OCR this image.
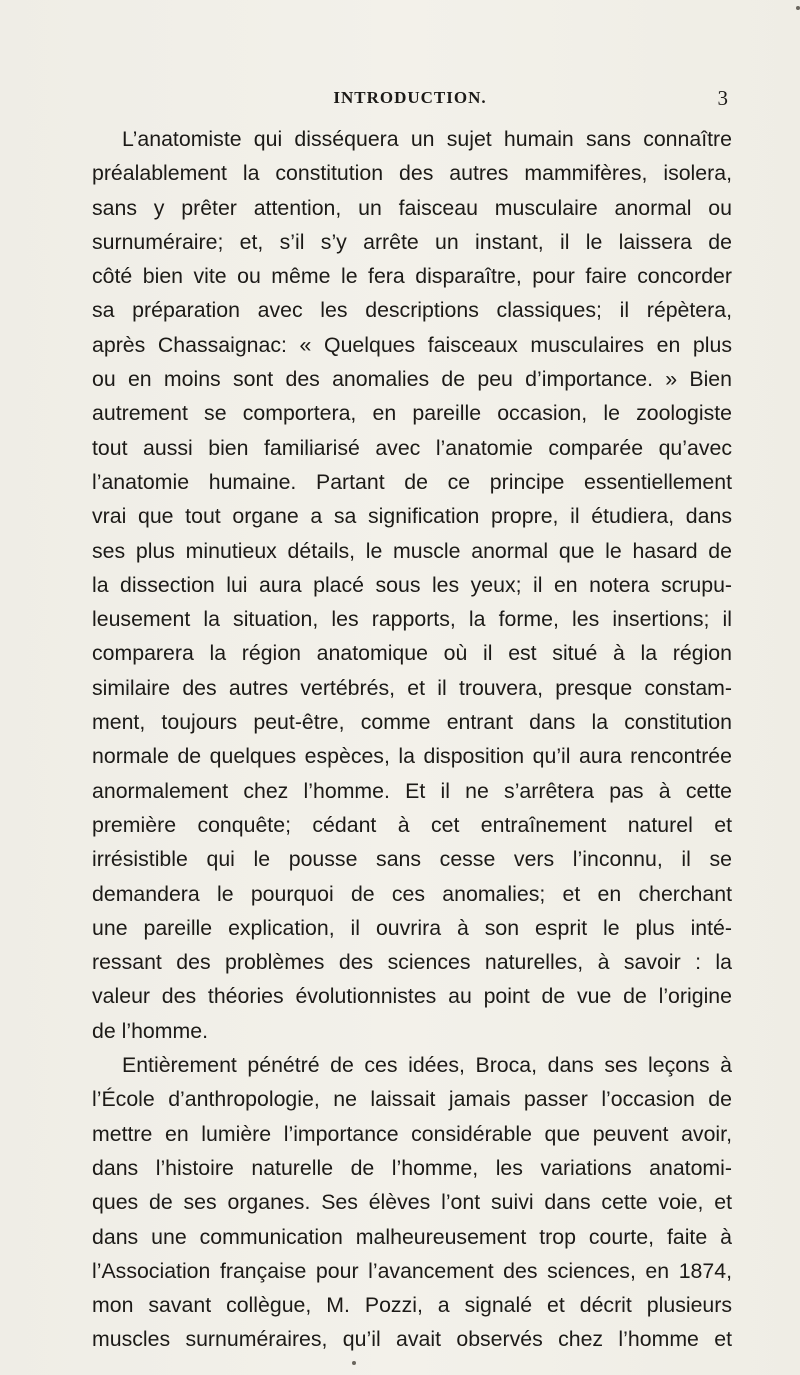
INTRODUCTION.	3
L’anatomiste qui disséquera un sujet humain sans connaître
préalablement la constitution des autres mammifères, isolera,
sans y prêter attention, un faisceau musculaire anormal ou
surnuméraire; et, s’il s’y arrête un instant, il le laissera de
côté bien vite ou même le fera disparaître, pour faire concorder
sa préparation avec les descriptions classiques; il répètera,
après Chassaignac: « Quelques faisceaux musculaires en plus
ou en moins sont des anomalies de peu d’importance. » Bien
autrement se comportera, en pareille occasion, le zoologiste
tout aussi bien familiarisé avec l’anatomie comparée qu’avec
l’anatomie humaine. Partant de ce principe essentiellement
vrai que tout organe a sa signification propre, il étudiera, dans
ses plus minutieux détails, le muscle anormal que le hasard de
la dissection lui aura placé sous les yeux; il en notera scrupu-
leusement la situation, les rapports, la forme, les insertions; il
comparera la région anatomique où il est situé à la région
similaire des autres vertébrés, et il trouvera, presque constam-
ment, toujours peut-être, comme entrant dans la constitution
normale de quelques espèces, la disposition qu’il aura rencontrée
anormalement chez l’homme. Et il ne s’arrêtera pas à cette
première conquête; cédant à cet entraînement naturel et
irrésistible qui le pousse sans cesse vers l’inconnu, il se
demandera le pourquoi de ces anomalies; et en cherchant
une pareille explication, il ouvrira à son esprit le plus inté-
ressant des problèmes des sciences naturelles, à savoir : la
valeur des théories évolutionnistes au point de vue de l’origine
de l’homme.
Entièrement pénétré de ces idées, Broca, dans ses leçons à
l’École d’anthropologie, ne laissait jamais passer l’occasion de
mettre en lumière l’importance considérable que peuvent avoir,
dans l’histoire naturelle de l’homme, les variations anatomi-
ques de ses organes. Ses élèves l’ont suivi dans cette voie, et
dans une communication malheureusement trop courte, faite à
l’Association française pour l’avancement des sciences, en 1874,
mon savant collègue, M. Pozzi, a signalé et décrit plusieurs
muscles surnuméraires, qu’il avait observés chez l’homme et
